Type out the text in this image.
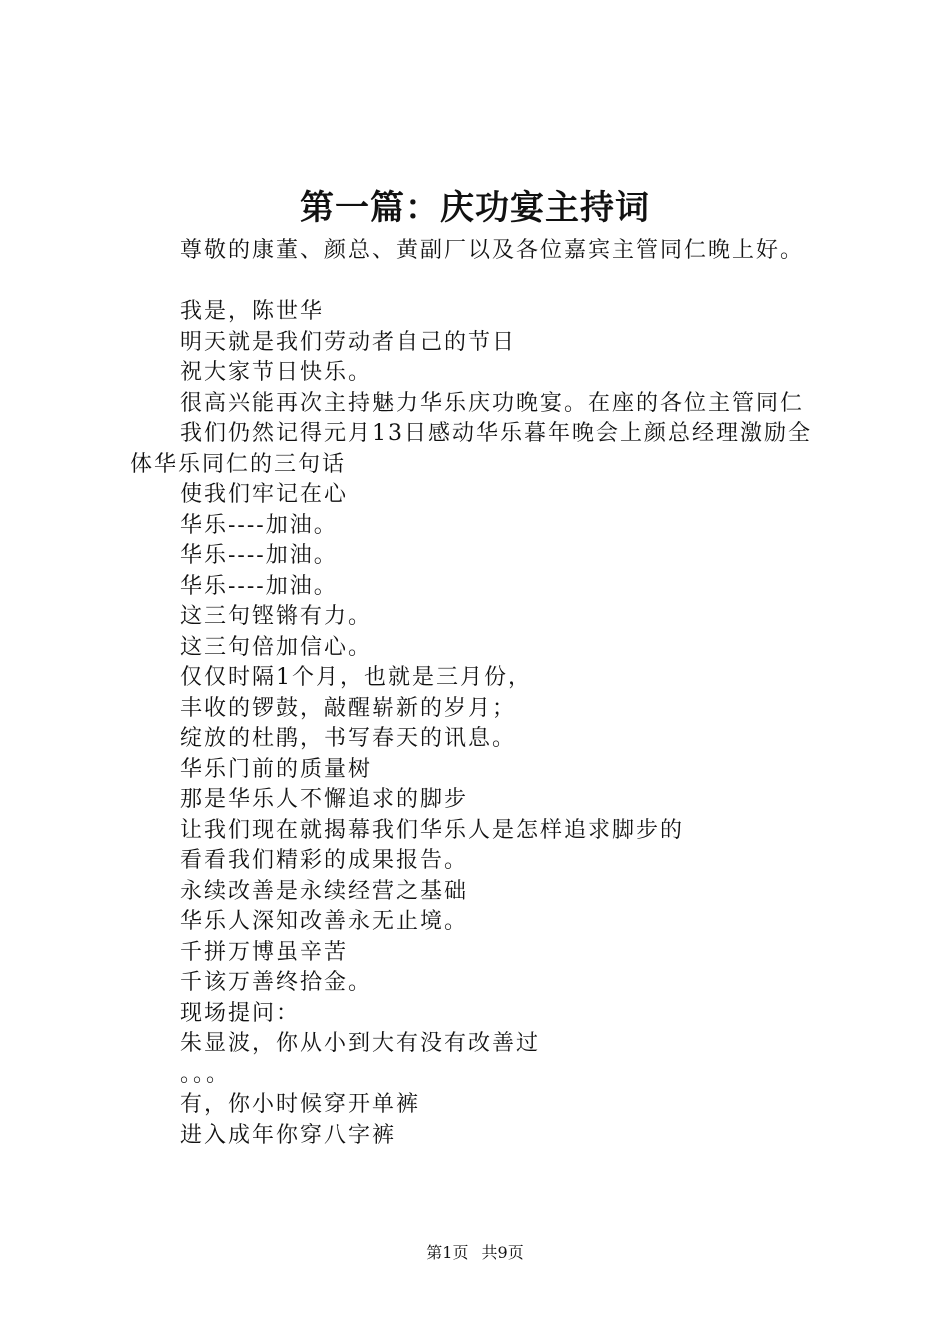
第一篇：庆功宴主持词

尊敬的康董、颜总、黄副厂以及各位嘉宾主管同仁晚上好。

我是，陈世华

明天就是我们劳动者自己的节日

祝大家节日快乐。

很高兴能再次主持魅力华乐庆功晚宴。在座的各位主管同仁

我们仍然记得元月13日感动华乐暮年晚会上颜总经理激励全体华乐同仁的三句话

使我们牢记在心

华乐----加油。

华乐----加油。

华乐----加油。

这三句铿锵有力。

这三句倍加信心。

仅仅时隔1个月，也就是三月份，

丰收的锣鼓，敲醒崭新的岁月；

绽放的杜鹃，书写春天的讯息。

华乐门前的质量树

那是华乐人不懈追求的脚步

让我们现在就揭幕我们华乐人是怎样追求脚步的

看看我们精彩的成果报告。

永续改善是永续经营之基础

华乐人深知改善永无止境。

千拼万博虽辛苦

千该万善终拾金。

现场提问：

朱显波，你从小到大有没有改善过

。。。

有，你小时候穿开单裤

进入成年你穿八字裤

第1页 共9页
